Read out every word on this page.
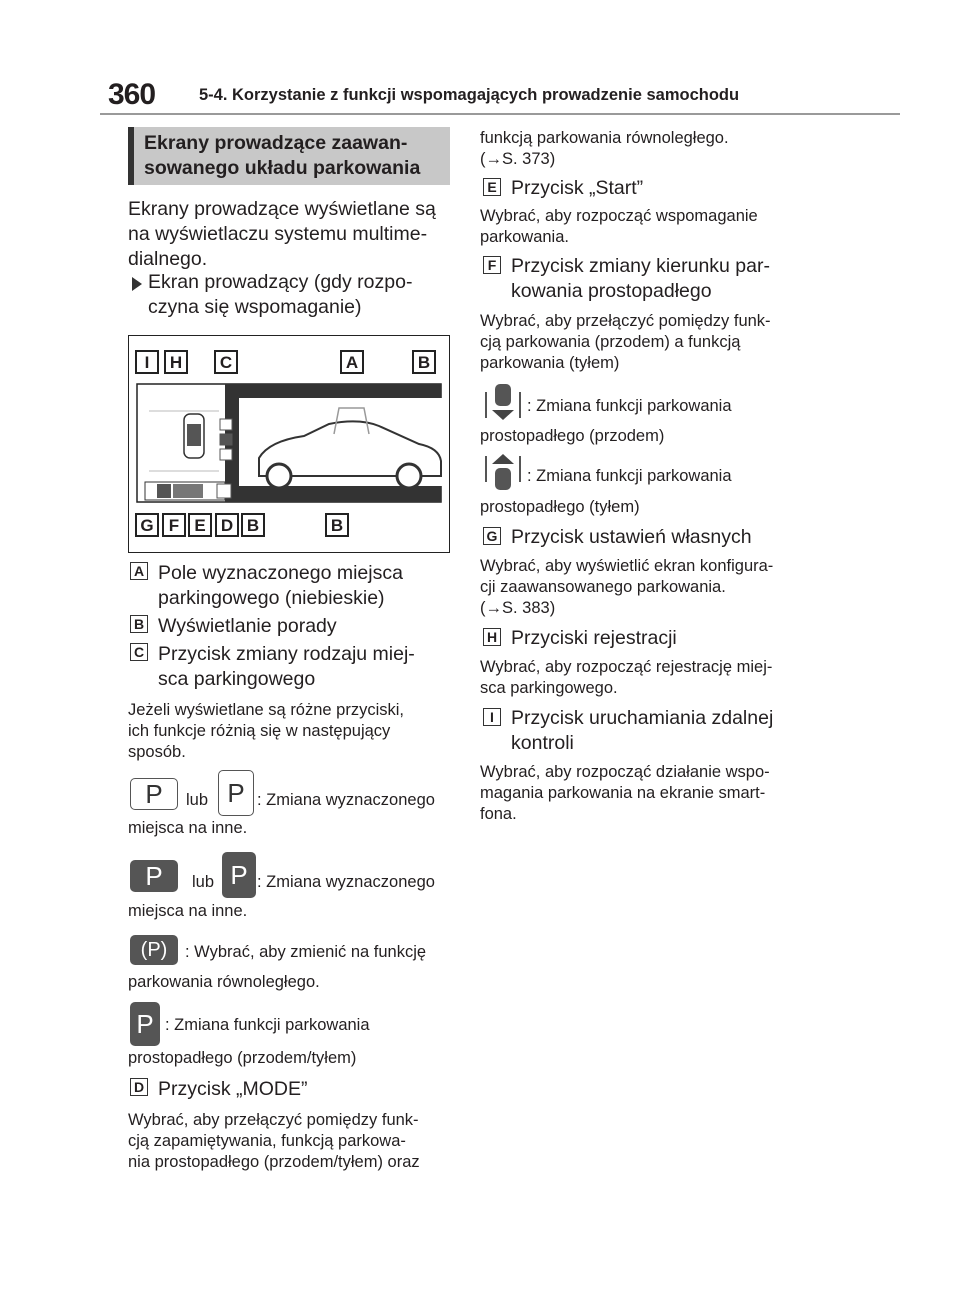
360	5-4. Korzystanie z funkcji wspomagających prowadzenie samochodu
Ekrany prowadzące zaawan-
sowanego układu parkowania
Ekrany prowadzące wyświetlane są
na wyświetlaczu systemu multime-
dialnego.
Ekran prowadzący (gdy rozpo-
czyna się wspomaganie)
I	H	C	A	B
G F E D B	B
A Pole wyznaczonego miejsca
parkingowego (niebieskie)
B Wyświetlanie porady
C Przycisk zmiany rodzaju miej-
sca parkingowego
Jeżeli wyświetlane są różne przyciski,
ich funkcje różnią się w następujący
sposób.
P	lub P : Zmiana wyznaczonego
miejsca na inne.
P	lub P : Zmiana wyznaczonego
miejsca na inne.
(P)	: Wybrać, aby zmienić na funkcję
parkowania równoległego.
P : Zmiana funkcji parkowania
prostopadłego (przodem/tyłem)
D Przycisk „MODE”
Wybrać, aby przełączyć pomiędzy funk-
cją zapamiętywania, funkcją parkowa-
nia prostopadłego (przodem/tyłem) oraz
funkcją parkowania równoległego.
(→S. 373)
E Przycisk „Start”
Wybrać, aby rozpocząć wspomaganie
parkowania.
F Przycisk zmiany kierunku par-
kowania prostopadłego
Wybrać, aby przełączyć pomiędzy funk-
cją parkowania (przodem) a funkcją
parkowania (tyłem)
: Zmiana funkcji parkowania
prostopadłego (przodem)
: Zmiana funkcji parkowania
prostopadłego (tyłem)
G Przycisk ustawień własnych
Wybrać, aby wyświetlić ekran konfigura-
cji zaawansowanego parkowania.
(→S. 383)
H Przyciski rejestracji
Wybrać, aby rozpocząć rejestrację miej-
sca parkingowego.
I Przycisk uruchamiania zdalnej
kontroli
Wybrać, aby rozpocząć działanie wspo-
magania parkowania na ekranie smart-
fona.
